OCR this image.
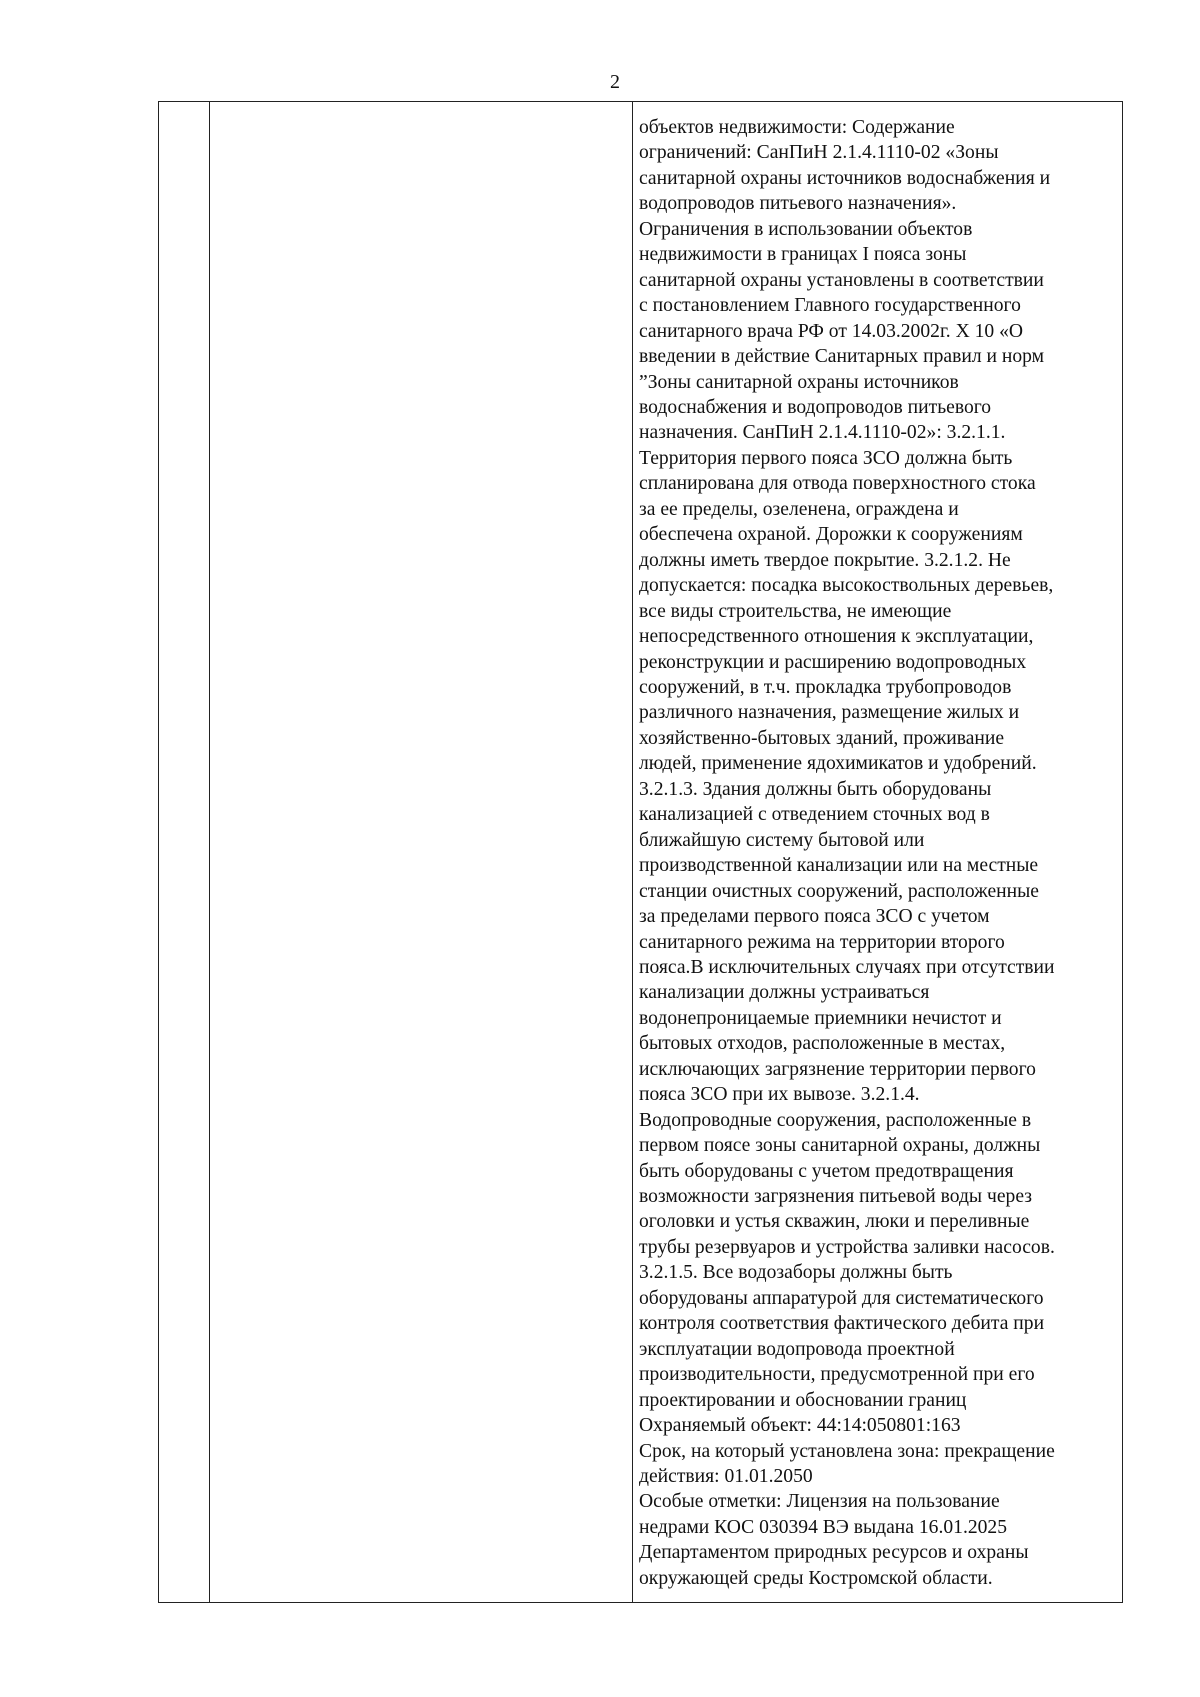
2

объектов недвижимости: Содержание
ограничений: СанПиН 2.1.4.1110-02 «Зоны
санитарной охраны источников водоснабжения и
водопроводов питьевого назначения».
Ограничения в использовании объектов
недвижимости в границах I пояса зоны
санитарной охраны установлены в соответствии
с постановлением Главного государственного
санитарного врача РФ от 14.03.2002г. Х 10 «О
введении в действие Санитарных правил и норм
”Зоны санитарной охраны источников
водоснабжения и водопроводов питьевого
назначения. СанПиН 2.1.4.1110-02»: 3.2.1.1.
Территория первого пояса ЗСО должна быть
спланирована для отвода поверхностного стока
за ее пределы, озеленена, ограждена и
обеспечена охраной. Дорожки к сооружениям
должны иметь твердое покрытие. 3.2.1.2. Не
допускается: посадка высокоствольных деревьев,
все виды строительства, не имеющие
непосредственного отношения к эксплуатации,
реконструкции и расширению водопроводных
сооружений, в т.ч. прокладка трубопроводов
различного назначения, размещение жилых и
хозяйственно-бытовых зданий, проживание
людей, применение ядохимикатов и удобрений.
3.2.1.3. Здания должны быть оборудованы
канализацией с отведением сточных вод в
ближайшую систему бытовой или
производственной канализации или на местные
станции очистных сооружений, расположенные
за пределами первого пояса ЗСО с учетом
санитарного режима на территории второго
пояса.В исключительных случаях при отсутствии
канализации должны устраиваться
водонепроницаемые приемники нечистот и
бытовых отходов, расположенные в местах,
исключающих загрязнение территории первого
пояса ЗСО при их вывозе. 3.2.1.4.
Водопроводные сооружения, расположенные в
первом поясе зоны санитарной охраны, должны
быть оборудованы с учетом предотвращения
возможности загрязнения питьевой воды через
оголовки и устья скважин, люки и переливные
трубы резервуаров и устройства заливки насосов.
3.2.1.5. Все водозаборы должны быть
оборудованы аппаратурой для систематического
контроля соответствия фактического дебита при
эксплуатации водопровода проектной
производительности, предусмотренной при его
проектировании и обосновании границ
Охраняемый объект: 44:14:050801:163
Срок, на который установлена зона: прекращение
действия: 01.01.2050
Особые отметки: Лицензия на пользование
недрами КОС 030394 ВЭ выдана 16.01.2025
Департаментом природных ресурсов и охраны
окружающей среды Костромской области.
